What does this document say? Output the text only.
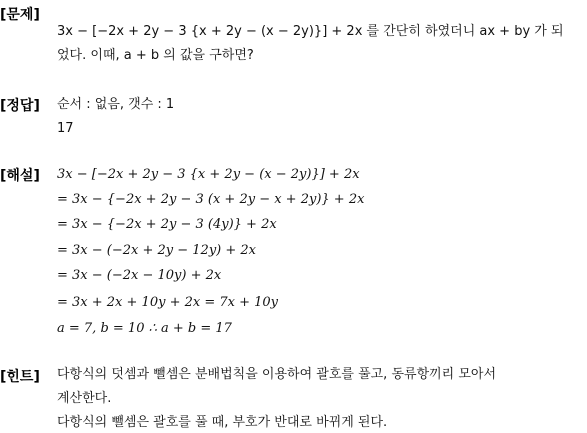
[문제]
3x − [−2x + 2y − 3 {x + 2y − (x − 2y)}] + 2x 를 간단히 하였더니 ax + by 가 되
었다. 이때, a + b 의 값을 구하면?
[정답] 순서 : 없음, 갯수 : 1
17
[해설] 3x − [−2x + 2y − 3 {x + 2y − (x − 2y)}] + 2x
= 3x − {−2x + 2y − 3 (x + 2y − x + 2y)} + 2x
= 3x − {−2x + 2y − 3 (4y)} + 2x
= 3x − (−2x + 2y − 12y) + 2x
= 3x − (−2x − 10y) + 2x
= 3x + 2x + 10y + 2x = 7x + 10y
a = 7, b = 10 ∴ a + b = 17
[힌트] 다항식의 덧셈과 뺄셈은 분배법칙을 이용하여 괄호를 풀고, 동류항끼리 모아서
계산한다.
다항식의 뺄셈은 괄호를 풀 때, 부호가 반대로 바뀌게 된다.
